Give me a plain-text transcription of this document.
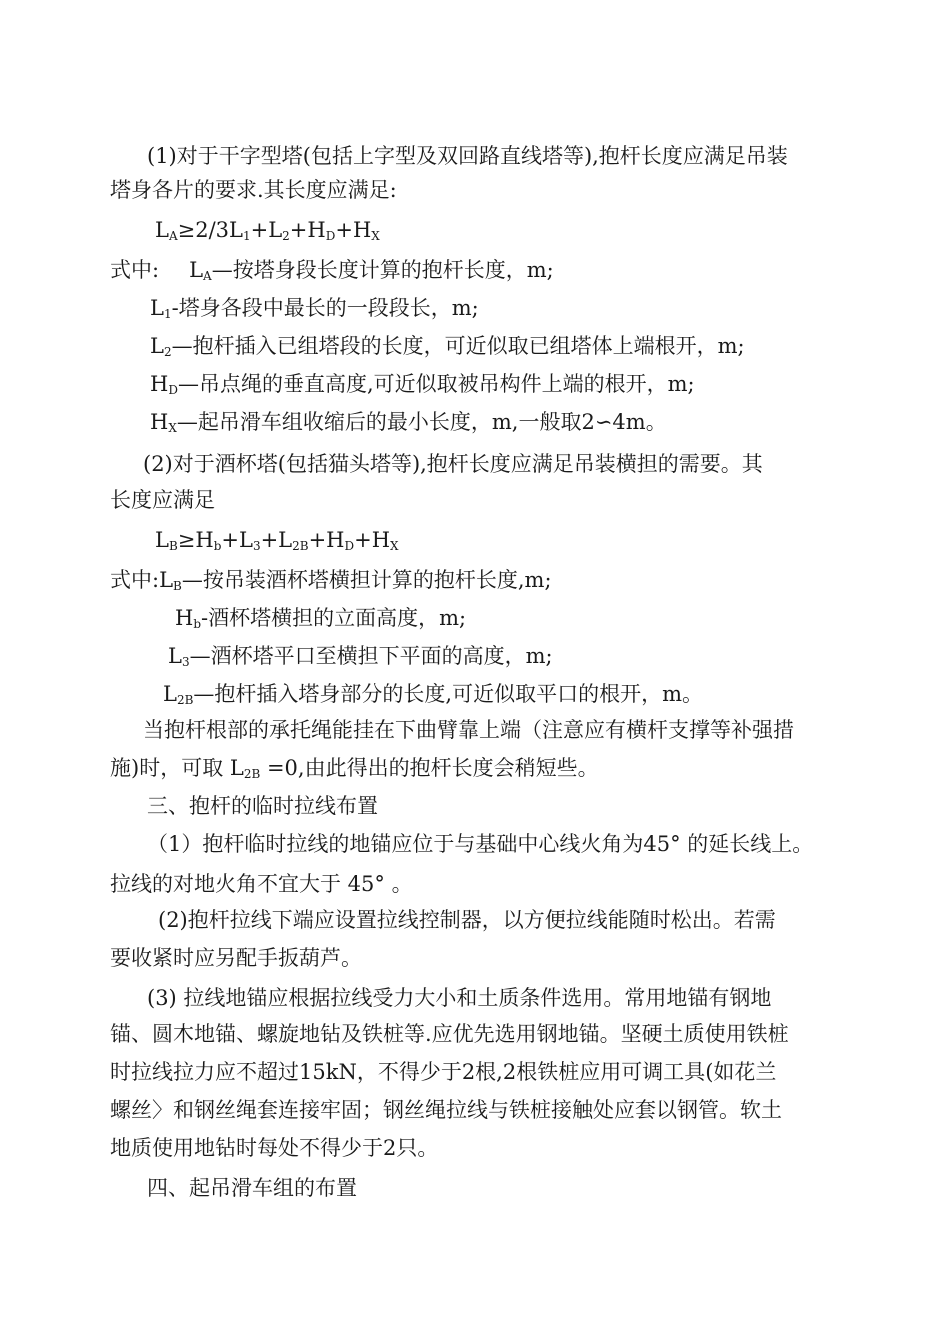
(1)对于干字型塔(包括上字型及双回路直线塔等),抱杆长度应满足吊装
塔身各片的要求.其长度应满足:
$L_A\ge 2/3L_1+L_2+H_D+H_X$
式中: $L_A—$按塔身段长度计算的抱杆长度，m;
$L_1-$塔身各段中最长的一段段长，m;
$L_2—$抱杆插入已组塔段的长度，可近似取已组塔体上端根开，m;
$H_D—$吊点绳的垂直高度,可近似取被吊构件上端的根开，m;
$H_X—$起吊滑车组收缩后的最小长度，m,一般取2∽4m。
(2)对于酒杯塔(包括猫头塔等),抱杆长度应满足吊装横担的需要。其
长度应满足
$L_B\ge H_b+L_3+L_{2B}+H_D+H_X$
式中$:L_B—$按吊装酒杯塔横担计算的抱杆长度,m;
$H_b-$酒杯塔横担的立面高度，m;
$L_3—$酒杯塔平口至横担下平面的高度，m;
$L_{2B}—$抱杆插入塔身部分的长度,可近似取平口的根开，m。
当抱杆根部的承托绳能挂在下曲臂靠上端（注意应有横杆支撑等补强措
施)时，可取 $L_{2B} =0$,由此得出的抱杆长度会稍短些。
三、抱杆的临时拉线布置
（1）抱杆临时拉线的地锚应位于与基础中心线火角为45° 的延长线上。
拉线的对地火角不宜大于 45° 。
(2)抱杆拉线下端应设置拉线控制器，以方便拉线能随时松出。若需
要收紧时应另配手扳葫芦。
(3) 拉线地锚应根据拉线受力大小和土质条件选用。常用地锚有钢地
锚、圆木地锚、螺旋地钻及铁桩等.应优先选用钢地锚。坚硬土质使用铁桩
时拉线拉力应不超过15kN，不得少于2根,2根铁桩应用可调工具(如花兰
螺丝〉和钢丝绳套连接牢固；钢丝绳拉线与铁桩接触处应套以钢管。软土
地质使用地钻时每处不得少于2只。
四、起吊滑车组的布置
